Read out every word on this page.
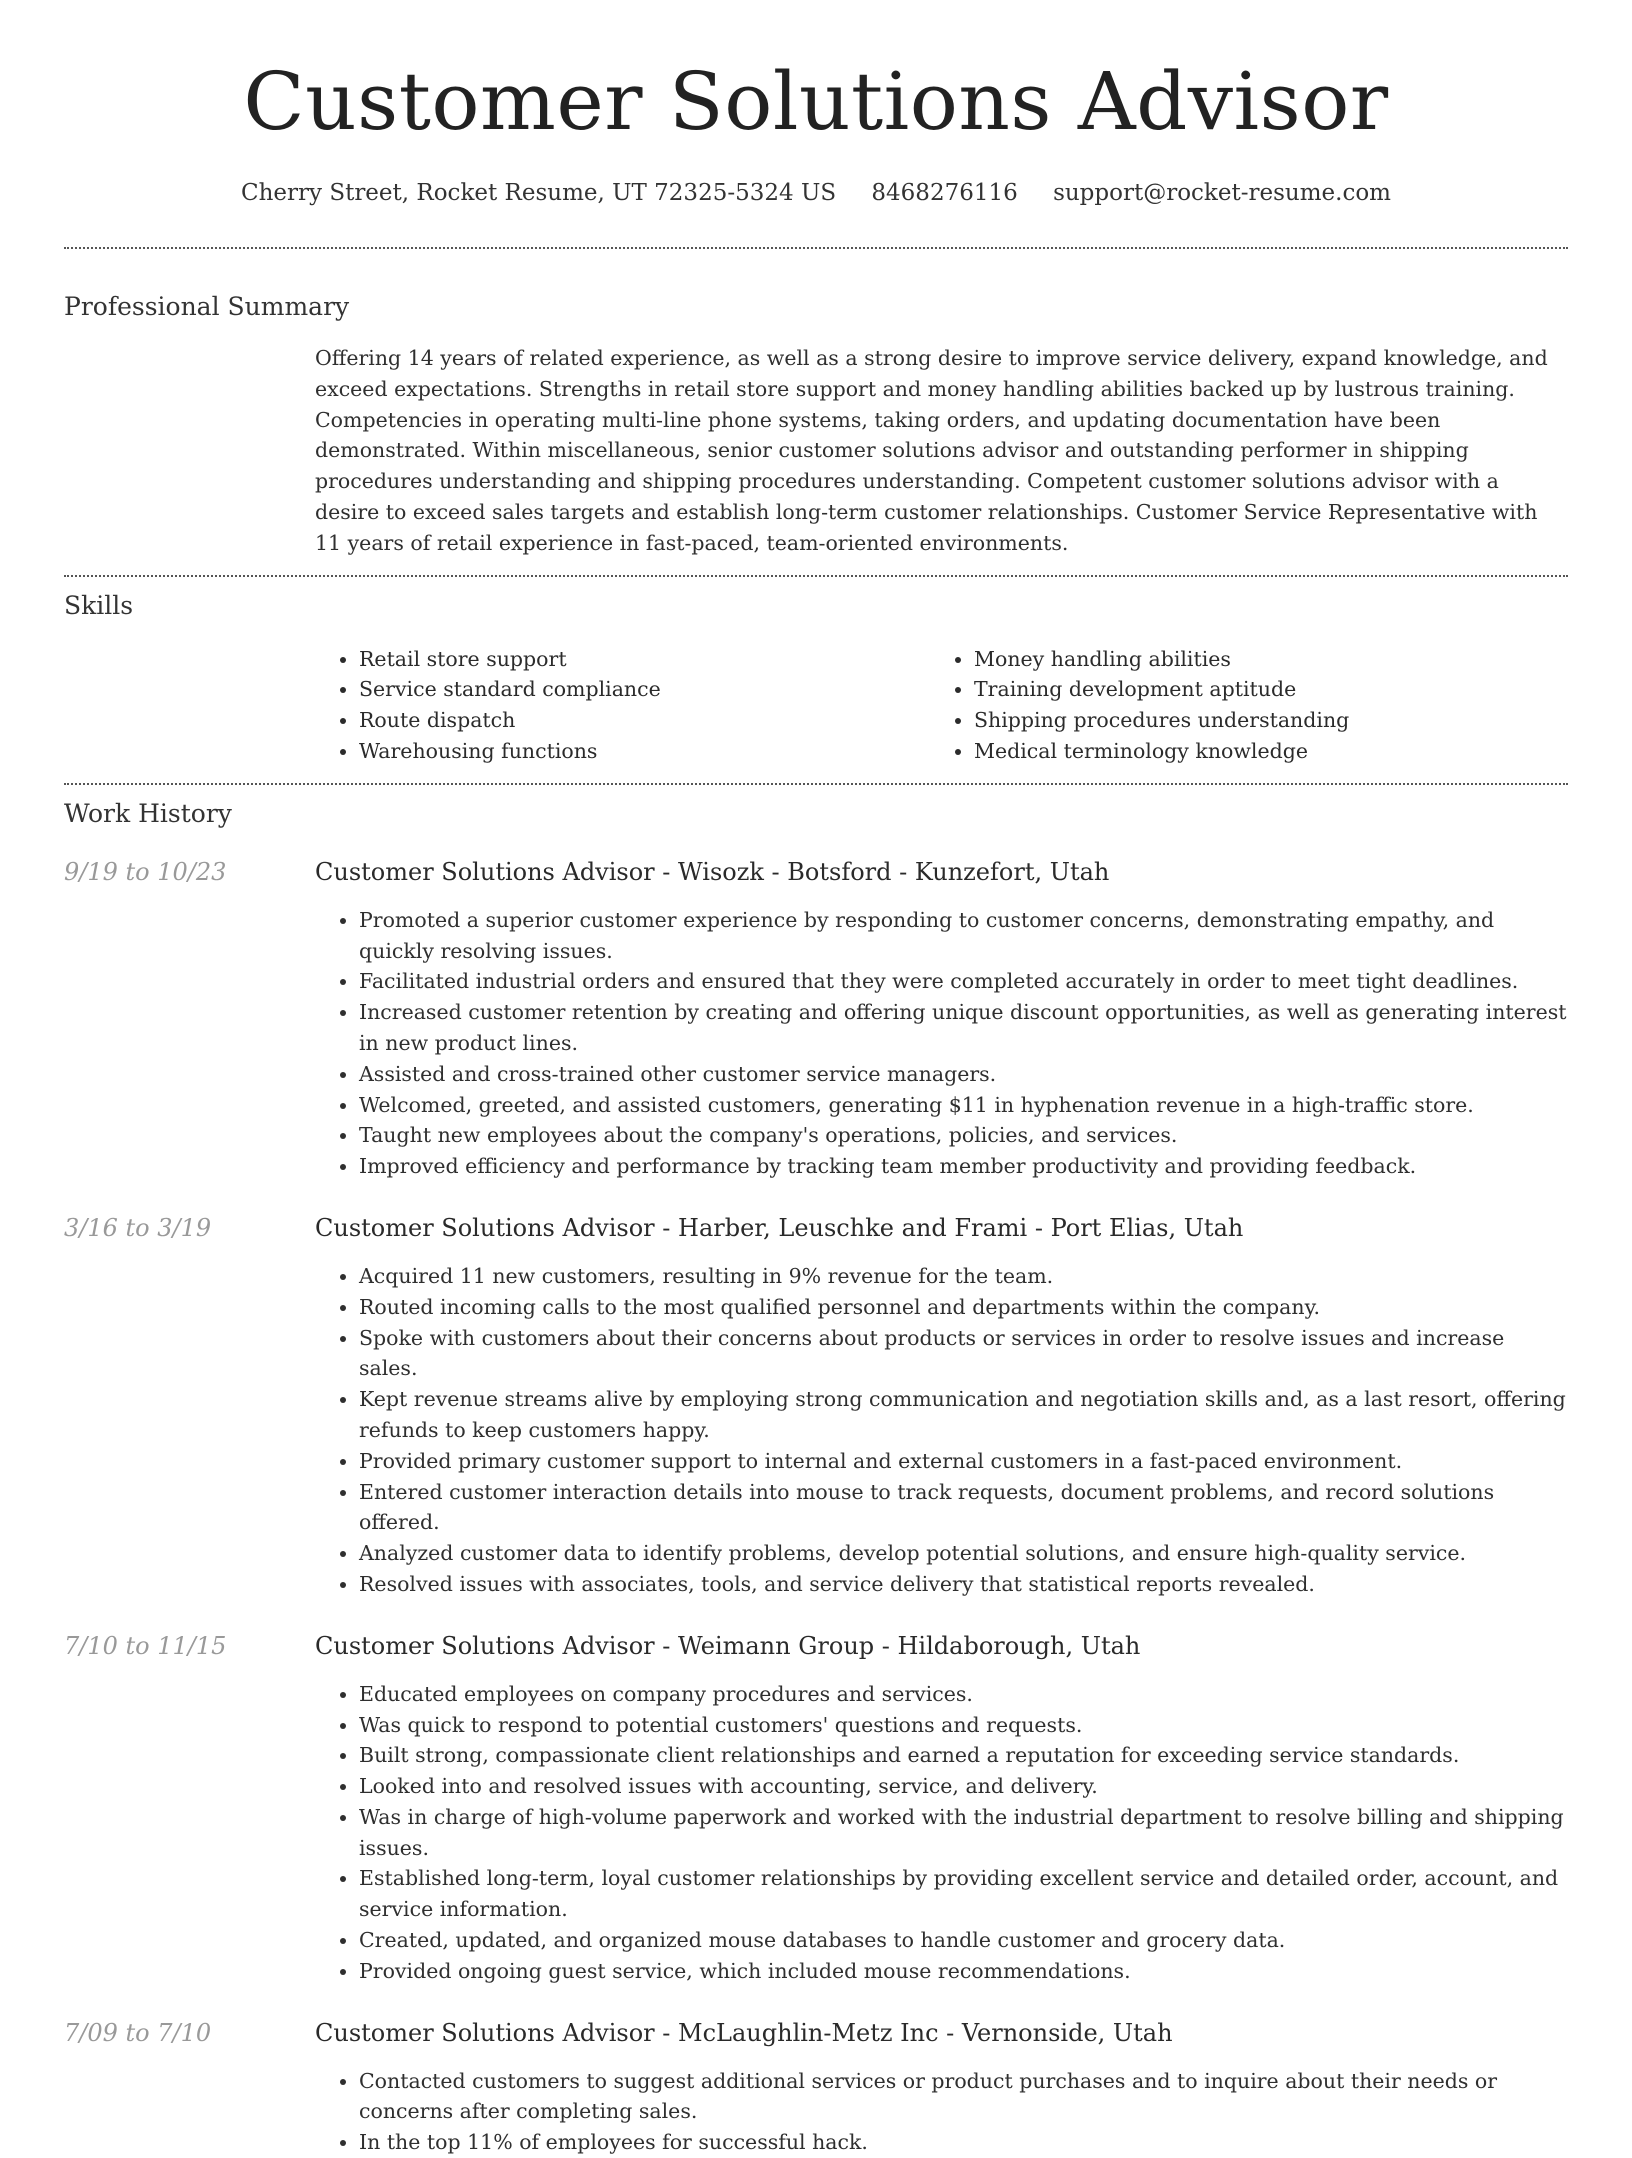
Customer Solutions Advisor
Cherry Street, Rocket Resume, UT 72325-5324 US 8468276116 support@rocket-resume.com
Professional Summary

Offering 14 years of related experience, as well as a strong desire to improve service delivery, expand knowledge, and exceed expectations. Strengths in retail store support and money handling abilities backed up by lustrous training. Competencies in operating multi-line phone systems, taking orders, and updating documentation have been demonstrated. Within miscellaneous, senior customer solutions advisor and outstanding performer in shipping procedures understanding and shipping procedures understanding. Competent customer solutions advisor with a desire to exceed sales targets and establish long-term customer relationships. Customer Service Representative with 11 years of retail experience in fast-paced, team-oriented environments.

Skills
• Retail store support
• Service standard compliance
• Route dispatch
• Warehousing functions
• Money handling abilities
• Training development aptitude
• Shipping procedures understanding
• Medical terminology knowledge
Work History
9/19 to 10/23	Customer Solutions Advisor - Wisozk - Botsford - Kunzefort, Utah
• Promoted a superior customer experience by responding to customer concerns, demonstrating empathy, and quickly resolving issues.
• Facilitated industrial orders and ensured that they were completed accurately in order to meet tight deadlines.
• Increased customer retention by creating and offering unique discount opportunities, as well as generating interest in new product lines.
• Assisted and cross-trained other customer service managers.
• Welcomed, greeted, and assisted customers, generating $11 in hyphenation revenue in a high-traffic store.
• Taught new employees about the company's operations, policies, and services.
• Improved efficiency and performance by tracking team member productivity and providing feedback.
3/16 to 3/19	Customer Solutions Advisor - Harber, Leuschke and Frami - Port Elias, Utah
• Acquired 11 new customers, resulting in 9% revenue for the team.
• Routed incoming calls to the most qualified personnel and departments within the company.
• Spoke with customers about their concerns about products or services in order to resolve issues and increase sales.
• Kept revenue streams alive by employing strong communication and negotiation skills and, as a last resort, offering refunds to keep customers happy.
• Provided primary customer support to internal and external customers in a fast-paced environment.
• Entered customer interaction details into mouse to track requests, document problems, and record solutions offered.
• Analyzed customer data to identify problems, develop potential solutions, and ensure high-quality service.
• Resolved issues with associates, tools, and service delivery that statistical reports revealed.
7/10 to 11/15	Customer Solutions Advisor - Weimann Group - Hildaborough, Utah
• Educated employees on company procedures and services.
• Was quick to respond to potential customers' questions and requests.
• Built strong, compassionate client relationships and earned a reputation for exceeding service standards.
• Looked into and resolved issues with accounting, service, and delivery.
• Was in charge of high-volume paperwork and worked with the industrial department to resolve billing and shipping issues.
• Established long-term, loyal customer relationships by providing excellent service and detailed order, account, and service information.
• Created, updated, and organized mouse databases to handle customer and grocery data.
• Provided ongoing guest service, which included mouse recommendations.
7/09 to 7/10	Customer Solutions Advisor - McLaughlin-Metz Inc - Vernonside, Utah
• Contacted customers to suggest additional services or product purchases and to inquire about their needs or concerns after completing sales.
• In the top 11% of employees for successful hack.
